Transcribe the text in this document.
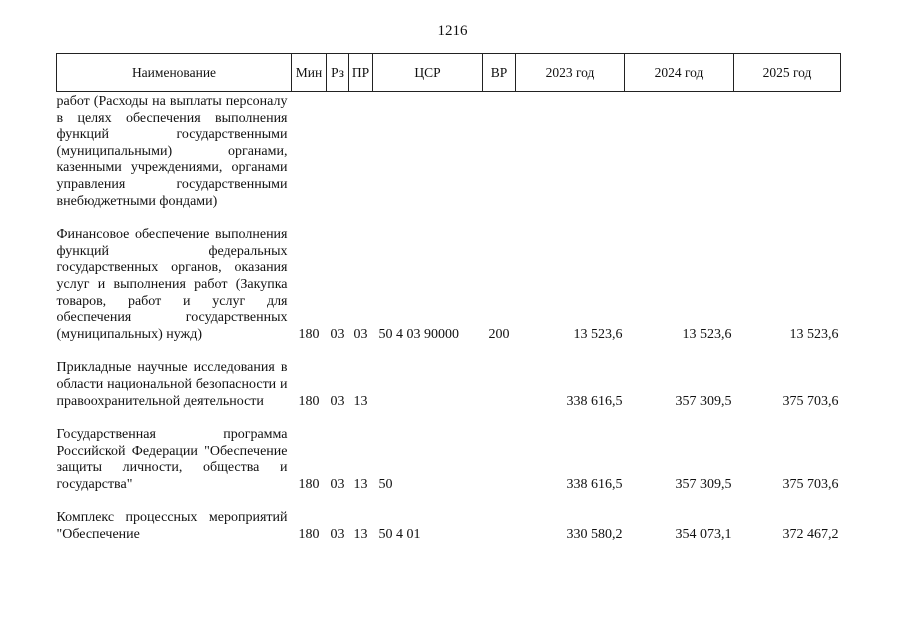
1216
Наименование	Мин	Рз	ПР	ЦСР	ВР	2023 год	2024 год	2025 год
работ (Расходы на выплаты персоналу в целях обеспечения выполнения функций государственными (муниципальными) органами, казенными учреждениями, органами управления государственными внебюджетными фондами)								
Финансовое обеспечение выполнения функций федеральных государственных органов, оказания услуг и выполнения работ (Закупка товаров, работ и услуг для обеспечения государственных (муниципальных) нужд)	180	03	03	50 4 03 90000	200	13 523,6	13 523,6	13 523,6
Прикладные научные исследования в области национальной безопасности и правоохранительной деятельности	180	03	13			338 616,5	357 309,5	375 703,6
Государственная программа Российской Федерации "Обеспечение защиты личности, общества и государства"	180	03	13	50		338 616,5	357 309,5	375 703,6
Комплекс процессных мероприятий "Обеспечение	180	03	13	50 4 01		330 580,2	354 073,1	372 467,2
